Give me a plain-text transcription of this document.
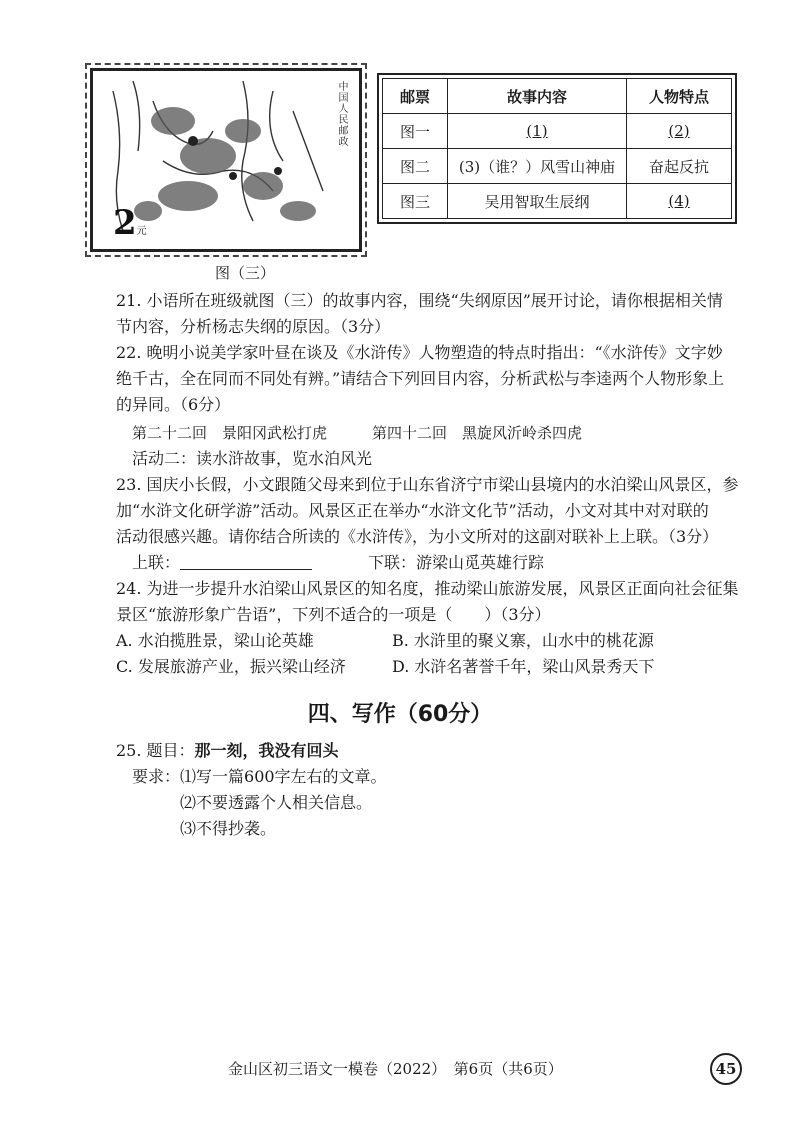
中国人民邮政
2元
图（三）
邮票	故事内容	人物特点
图一	(1)	(2)
图二	(3)（谁？）风雪山神庙	奋起反抗
图三	吴用智取生辰纲	(4)
21. 小语所在班级就图（三）的故事内容，围绕“失纲原因”展开讨论，请你根据相关情
节内容，分析杨志失纲的原因。（3分）
22. 晚明小说美学家叶昼在谈及《水浒传》人物塑造的特点时指出：“《水浒传》文字妙
绝千古，全在同而不同处有辨。”请结合下列回目内容，分析武松与李逵两个人物形象上
的异同。（6分）
第二十二回　景阳冈武松打虎	第四十二回　黑旋风沂岭杀四虎
活动二：读水浒故事，览水泊风光
23. 国庆小长假，小文跟随父母来到位于山东省济宁市梁山县境内的水泊梁山风景区，参
加“水浒文化研学游”活动。风景区正在举办“水浒文化节”活动，小文对其中对对联的
活动很感兴趣。请你结合所读的《水浒传》，为小文所对的这副对联补上上联。（3分）
上联：	下联：游梁山觅英雄行踪
24. 为进一步提升水泊梁山风景区的知名度，推动梁山旅游发展，风景区正面向社会征集
景区“旅游形象广告语”，下列不适合的一项是（　　）（3分）
A. 水泊揽胜景，梁山论英雄	B. 水浒里的聚义寨，山水中的桃花源
C. 发展旅游产业，振兴梁山经济	D. 水浒名著誉千年，梁山风景秀天下
四、写作（60分）
25. 题目：那一刻，我没有回头
要求：⑴写一篇600字左右的文章。
⑵不要透露个人相关信息。
⑶不得抄袭。
金山区初三语文一模卷（2022）　第6页（共6页）	45
